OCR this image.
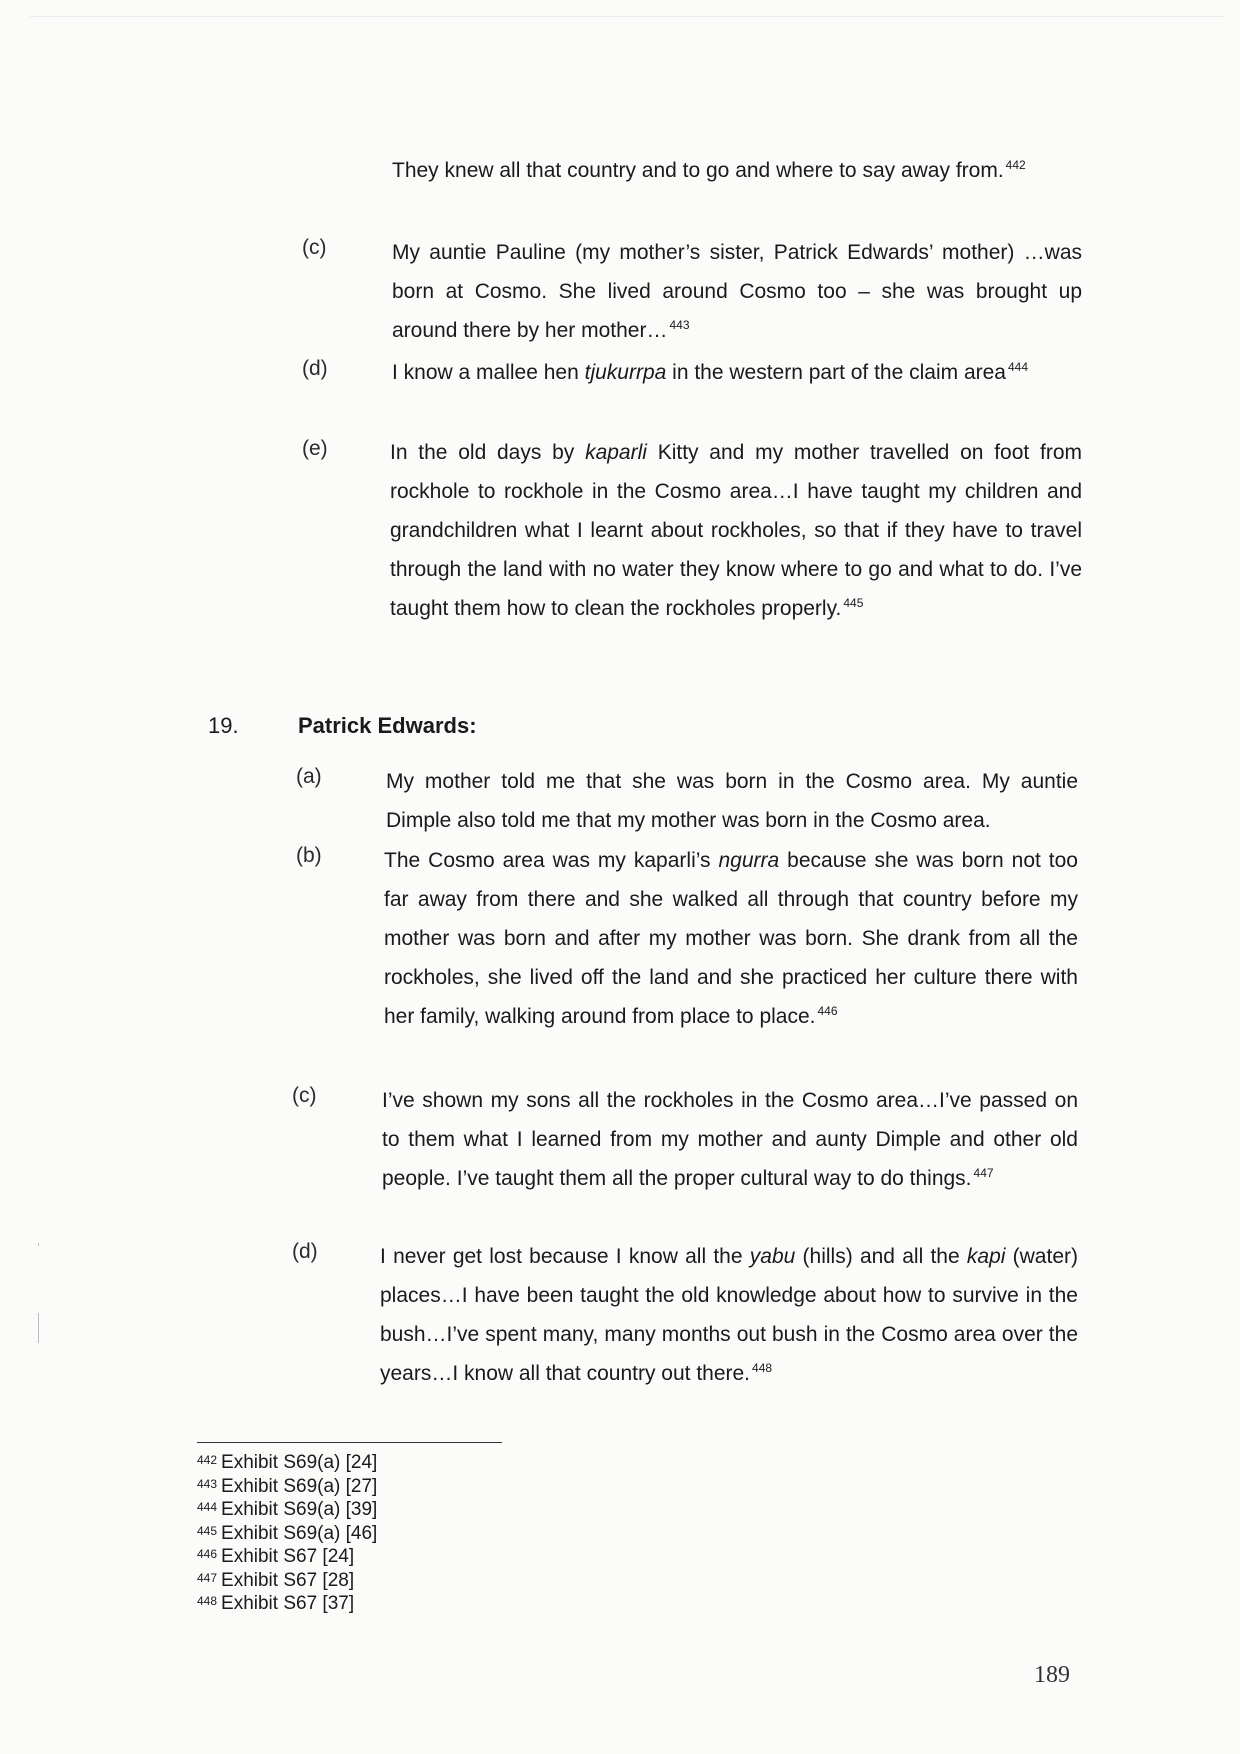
They knew all that country and to go and where to say away from. $^{442}$

(c)	My auntie Pauline (my mother’s sister, Patrick Edwards’ mother) …was born at Cosmo. She lived around Cosmo too – she was brought up around there by her mother… $^{443}$

(d)	I know a mallee hen tjukurrpa in the western part of the claim area $^{444}$

(e)	In the old days by kaparli Kitty and my mother travelled on foot from rockhole to rockhole in the Cosmo area…I have taught my children and grandchildren what I learnt about rockholes, so that if they have to travel through the land with no water they know where to go and what to do. I’ve taught them how to clean the rockholes properly. $^{445}$

19.	Patrick Edwards:
(a)	My mother told me that she was born in the Cosmo area. My auntie Dimple also told me that my mother was born in the Cosmo area.

(b)	The Cosmo area was my kaparli’s ngurra because she was born not too far away from there and she walked all through that country before my mother was born and after my mother was born. She drank from all the rockholes, she lived off the land and she practiced her culture there with her family, walking around from place to place. $^{446}$

(c)	I’ve shown my sons all the rockholes in the Cosmo area…I’ve passed on to them what I learned from my mother and aunty Dimple and other old people. I’ve taught them all the proper cultural way to do things. $^{447}$

(d)	I never get lost because I know all the yabu (hills) and all the kapi (water) places…I have been taught the old knowledge about how to survive in the bush…I’ve spent many, many months out bush in the Cosmo area over the years…I know all that country out there. $^{448}$

$^{442}$ Exhibit S69(a) [24]
$^{443}$ Exhibit S69(a) [27]
$^{444}$ Exhibit S69(a) [39]
$^{445}$ Exhibit S69(a) [46]
$^{446}$ Exhibit S67 [24]
$^{447}$ Exhibit S67 [28]
$^{448}$ Exhibit S67 [37]
189
